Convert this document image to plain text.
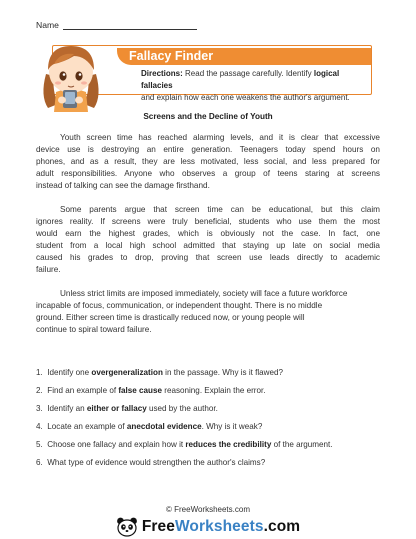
Name
Fallacy Finder
Directions: Read the passage carefully. Identify logical fallacies
and explain how each one weakens the author's argument.
Screens and the Decline of Youth
Youth screen time has reached alarming levels, and it is clear that excessive
device use is destroying an entire generation. Teenagers today spend hours on
phones, and as a result, they are less motivated, less social, and less prepared for
adult responsibilities. Anyone who observes a group of teens staring at screens
instead of talking can see the damage firsthand.
Some parents argue that screen time can be educational, but this claim
ignores reality. If screens were truly beneficial, students who use them the most
would earn the highest grades, which is obviously not the case. In fact, one
student from a local high school admitted that staying up late on social media
caused his grades to drop, proving that screen use leads directly to academic
failure.
Unless strict limits are imposed immediately, society will face a future workforce
incapable of focus, communication, or independent thought. There is no middle
ground. Either screen time is drastically reduced now, or young people will
continue to spiral toward failure.
1. Identify one overgeneralization in the passage. Why is it flawed?
2. Find an example of false cause reasoning. Explain the error.
3. Identify an either or fallacy used by the author.
4. Locate an example of anecdotal evidence. Why is it weak?
5. Choose one fallacy and explain how it reduces the credibility of the argument.
6. What type of evidence would strengthen the author's claims?
© FreeWorksheets.com
FreeWorksheets.com
